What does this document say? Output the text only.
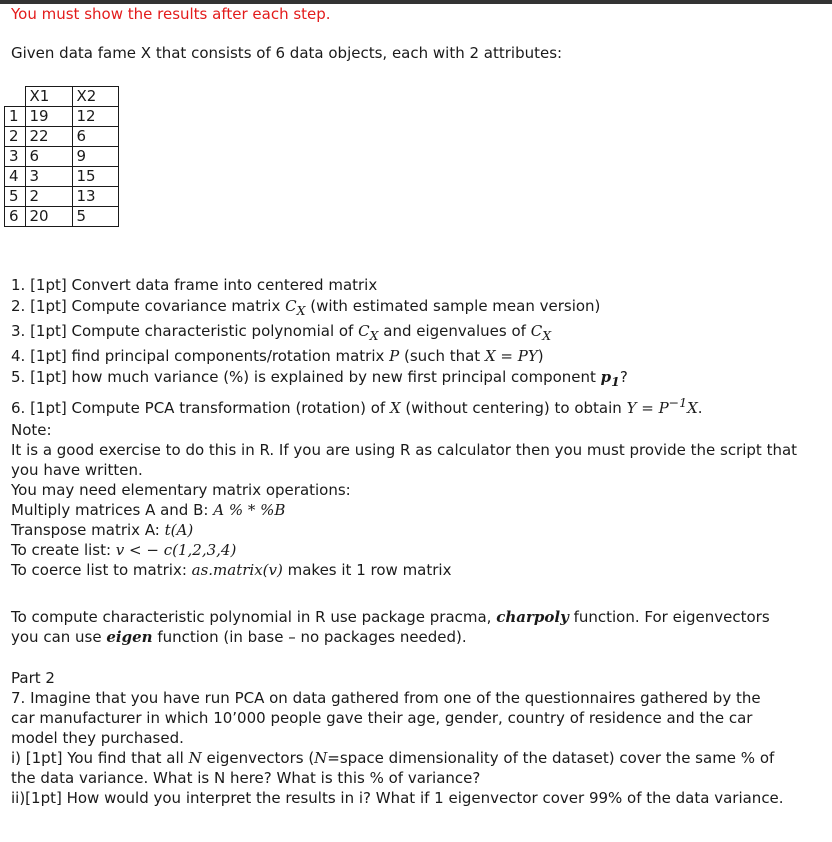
You must show the results after each step.
Given data fame X that consists of 6 data objects, each with 2 attributes:
	X1	X2
1	19	12
2	22	6
3	6	9
4	3	15
5	2	13
6	20	5
1. [1pt] Convert data frame into centered matrix
2. [1pt] Compute covariance matrix $C_X$ (with estimated sample mean version)
3. [1pt] Compute characteristic polynomial of $C_X$ and eigenvalues of $C_X$
4. [1pt] find principal components/rotation matrix P (such that X = PY)
5. [1pt] how much variance (%) is explained by new first principal component $p_1$?
6. [1pt] Compute PCA transformation (rotation) of X (without centering) to obtain $Y = P^{-1}X$.

Note:

It is a good exercise to do this in R. If you are using R as calculator then you must provide the script that you have written.

You may need elementary matrix operations:

Multiply matrices A and B: A % * %B

Transpose matrix A: t(A)

To create list: v < − c(1,2,3,4)

To coerce list to matrix: as.matrix(v) makes it 1 row matrix

To compute characteristic polynomial in R use package pracma, charpoly function. For eigenvectors you can use eigen function (in base – no packages needed).

Part 2

7. Imagine that you have run PCA on data gathered from one of the questionnaires gathered by the car manufacturer in which 10’000 people gave their age, gender, country of residence and the car model they purchased.

i) [1pt] You find that all N eigenvectors (N=space dimensionality of the dataset) cover the same % of the data variance. What is N here? What is this % of variance?

ii)[1pt] How would you interpret the results in i? What if 1 eigenvector cover 99% of the data variance.
